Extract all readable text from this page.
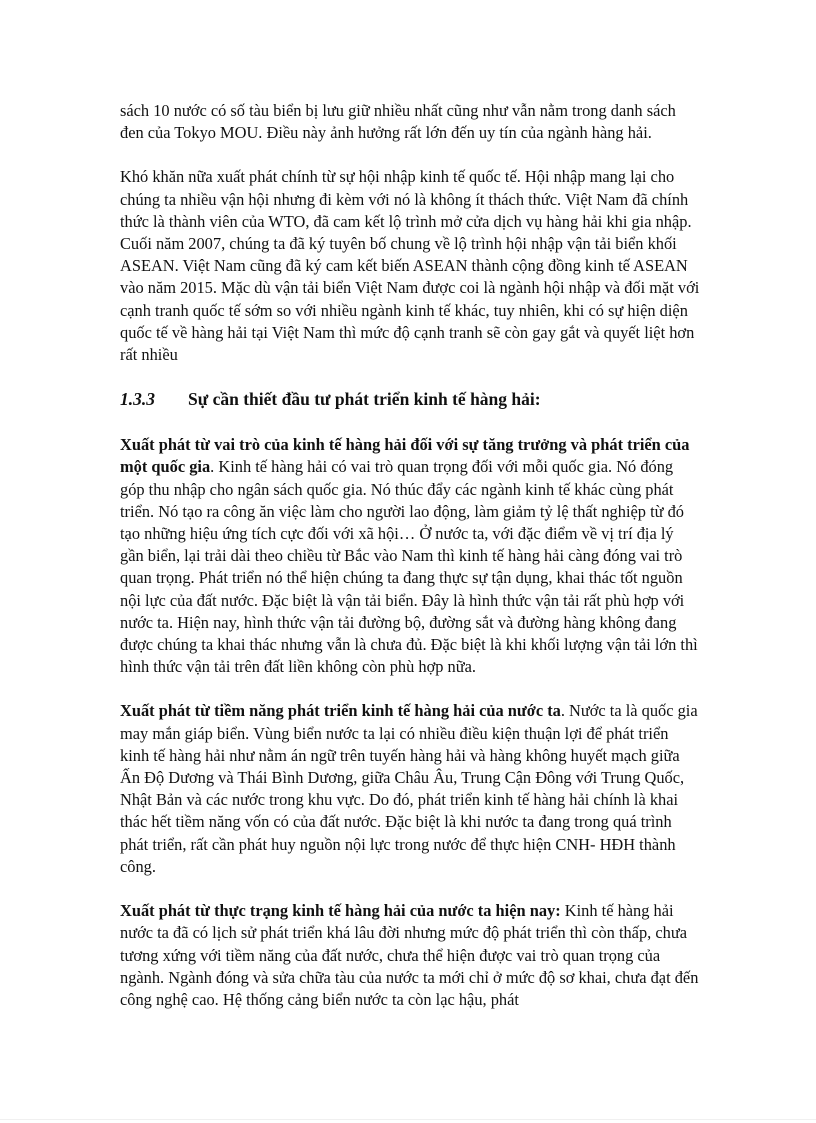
sách 10 nước có số tàu biển bị lưu giữ nhiều nhất cũng như vẫn nằm trong danh sách đen của Tokyo MOU. Điều này ảnh hưởng rất lớn đến uy tín của ngành hàng hải.

Khó khăn nữa xuất phát chính từ sự hội nhập kinh tế quốc tế. Hội nhập mang lại cho chúng ta nhiều vận hội nhưng đi kèm với nó là không ít thách thức. Việt Nam đã chính thức là thành viên của WTO, đã cam kết lộ trình mở cửa dịch vụ hàng hải khi gia nhập. Cuối năm 2007, chúng ta đã ký tuyên bố chung về lộ trình hội nhập vận tải biển khối ASEAN. Việt Nam cũng đã ký cam kết biến ASEAN thành cộng đồng kinh tế ASEAN vào năm 2015. Mặc dù vận tải biển Việt Nam được coi là ngành hội nhập và đối mặt với cạnh tranh quốc tế sớm so với nhiều ngành kinh tế khác, tuy nhiên, khi có sự hiện diện quốc tế về hàng hải tại Việt Nam thì mức độ cạnh tranh sẽ còn gay gắt và quyết liệt hơn rất nhiều

1.3.3	Sự cần thiết đầu tư phát triển kinh tế hàng hải:

Xuất phát từ vai trò của kinh tế hàng hải đối với sự tăng trưởng và phát triển của một quốc gia. Kinh tế hàng hải có vai trò quan trọng đối với mỗi quốc gia. Nó đóng góp thu nhập cho ngân sách quốc gia. Nó thúc đẩy các ngành kinh tế khác cùng phát triển. Nó tạo ra công ăn việc làm cho người lao động, làm giảm tỷ lệ thất nghiệp từ đó tạo những hiệu ứng tích cực đối với xã hội… Ở nước ta, với đặc điểm về vị trí địa lý gần biển, lại trải dài theo chiều từ Bắc vào Nam thì kinh tế hàng hải càng đóng vai trò quan trọng. Phát triển nó thể hiện chúng ta đang thực sự tận dụng, khai thác tốt nguồn nội lực của đất nước. Đặc biệt là vận tải biển. Đây là hình thức vận tải rất phù hợp với nước ta. Hiện nay, hình thức vận tải đường bộ, đường sắt và đường hàng không đang được chúng ta khai thác nhưng vẫn là chưa đủ. Đặc biệt là khi khối lượng vận tải lớn thì hình thức vận tải trên đất liền không còn phù hợp nữa.

Xuất phát từ tiềm năng phát triển kinh tế hàng hải của nước ta. Nước ta là quốc gia may mắn giáp biển. Vùng biển nước ta lại có nhiều điều kiện thuận lợi để phát triển kinh tế hàng hải như nằm án ngữ trên tuyến hàng hải và hàng không huyết mạch giữa Ấn Độ Dương và Thái Bình Dương, giữa Châu Âu, Trung Cận Đông với Trung Quốc, Nhật Bản và các nước trong khu vực. Do đó, phát triển kinh tế hàng hải chính là khai thác hết tiềm năng vốn có của đất nước. Đặc biệt là khi nước ta đang trong quá trình phát triển, rất cần phát huy nguồn nội lực trong nước để thực hiện CNH- HĐH thành công.

Xuất phát từ thực trạng kinh tế hàng hải của nước ta hiện nay: Kinh tế hàng hải nước ta đã có lịch sử phát triển khá lâu đời nhưng mức độ phát triển thì còn thấp, chưa tương xứng với tiềm năng của đất nước, chưa thể hiện được vai trò quan trọng của ngành. Ngành đóng và sửa chữa tàu của nước ta mới chỉ ở mức độ sơ khai, chưa đạt đến công nghệ cao. Hệ thống cảng biển nước ta còn lạc hậu, phát
